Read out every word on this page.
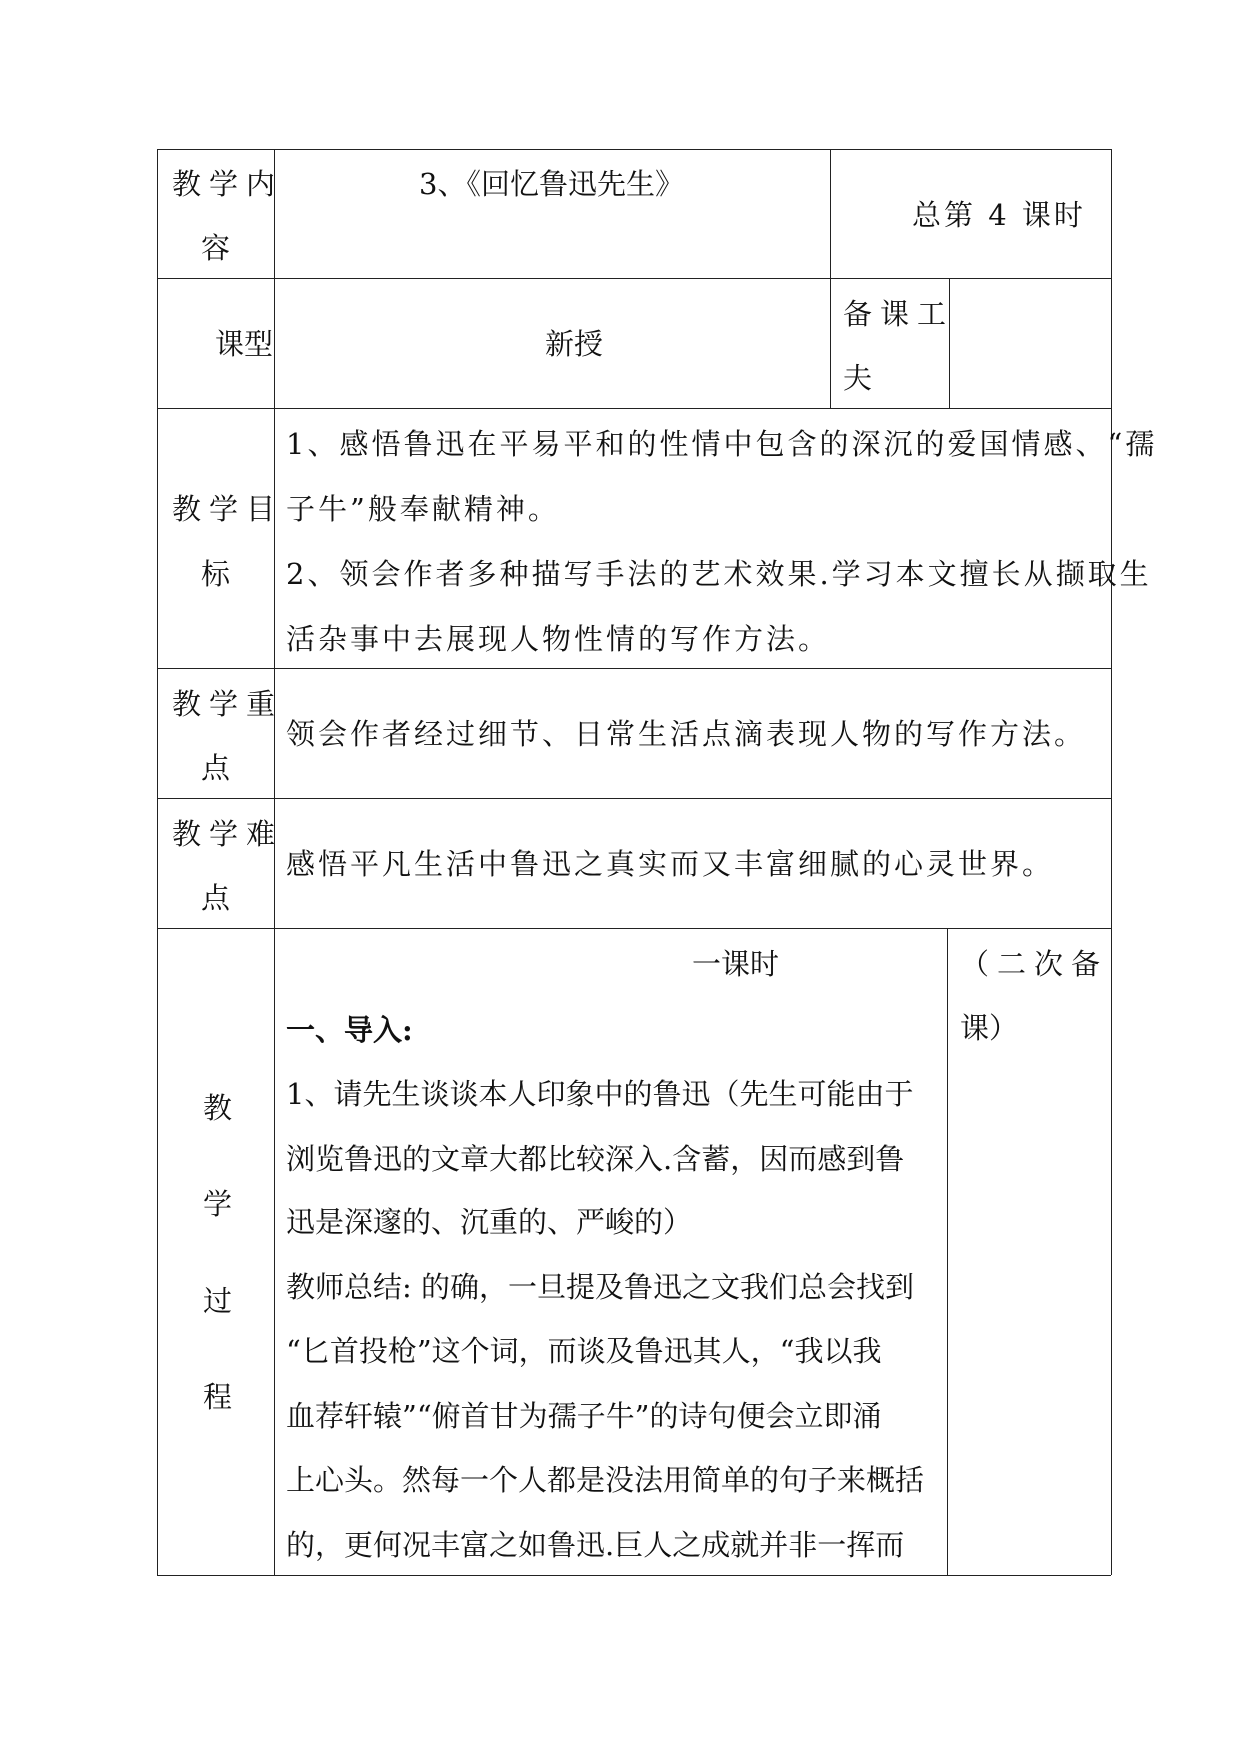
教学内
容
3、《回忆鲁迅先生》
总第 4 课时
课型	新授
备课工
夫
教学目
标
1、感悟鲁迅在平易平和的性情中包含的深沉的爱国情感、“孺
子牛”般奉献精神。
2、领会作者多种描写手法的艺术效果.学习本文擅长从撷取生
活杂事中去展现人物性情的写作方法。
教学重
点
领会作者经过细节、日常生活点滴表现人物的写作方法。
教学难
点
感悟平凡生活中鲁迅之真实而又丰富细腻的心灵世界。
教
学
过
程
一课时
一、导入:
1、请先生谈谈本人印象中的鲁迅（先生可能由于
浏览鲁迅的文章大都比较深入.含蓄，因而感到鲁
迅是深邃的、沉重的、严峻的）
教师总结: 的确，一旦提及鲁迅之文我们总会找到
“匕首投枪”这个词，而谈及鲁迅其人，“我以我
血荐轩辕”“俯首甘为孺子牛”的诗句便会立即涌
上心头。然每一个人都是没法用简单的句子来概括
的，更何况丰富之如鲁迅.巨人之成就并非一挥而
（二次备
课）
